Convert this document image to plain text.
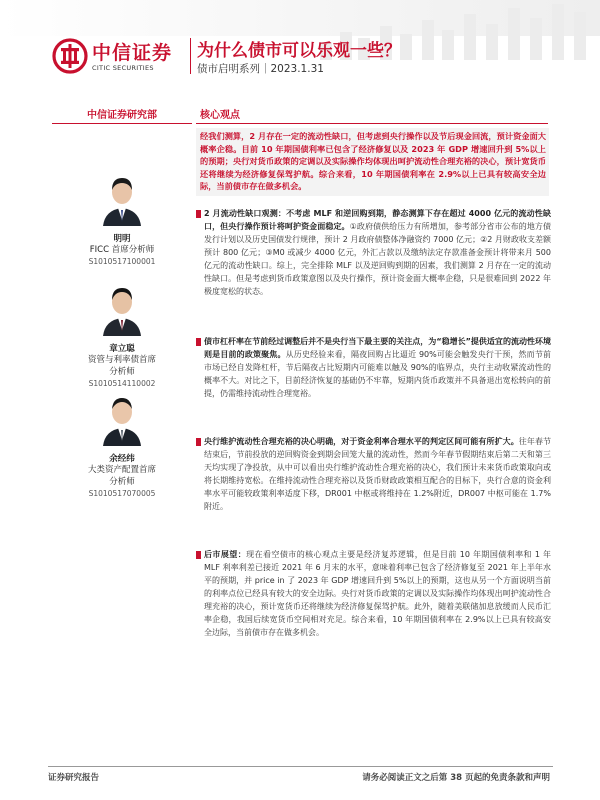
中信证券
CITIC SECURITIES
为什么债市可以乐观一些？
债市启明系列｜2023.1.31
中信证券研究部	核心观点
明明
FICC 首席分析师
S1010517100001
章立聪
资管与利率债首席
分析师
S1010514110002
余经纬
大类资产配置首席
分析师
S1010517070005
经我们测算，2 月存在一定的流动性缺口，但考虑到央行操作以及节后现金回流，预计资金面大概率企稳。目前 10 年期国债利率已包含了经济修复以及 2023 年 GDP 增速回升到 5%以上的预期；央行对货币政策的定调以及实际操作均体现出呵护流动性合理充裕的决心，预计宽货币还将继续为经济修复保驾护航。综合来看，10 年期国债利率在 2.9%以上已具有较高安全边际，当前债市存在做多机会。

2 月流动性缺口观测：不考虑 MLF 和逆回购到期，静态测算下存在超过 4000 亿元的流动性缺口，但央行操作预计将呵护资金面稳定。①政府债供给压力有所增加，参考部分省市公布的地方债发行计划以及历史国债发行规律，预计 2 月政府债整体净融资约 7000 亿元；②2 月财政收支差额预计 800 亿元；③M0 或减少 4000 亿元，外汇占款以及缴纳法定存款准备金预计将带来月 500 亿元的流动性缺口。综上，完全排除 MLF 以及逆回购到期的因素，我们测算 2 月存在一定的流动性缺口。但是考虑到货币政策意图以及央行操作，预计资金面大概率企稳，只是很难回到 2022 年极度宽松的状态。

债市杠杆率在节前经过调整后并不是央行当下最主要的关注点，为“稳增长”提供适宜的流动性环境则是目前的政策聚焦。从历史经验来看，隔夜回购占比逼近 90%可能会触发央行干预，然而节前市场已经自发降杠杆，节后隔夜占比短期内可能难以触及 90%的临界点，央行主动收紧流动性的概率不大。对比之下，目前经济恢复的基础仍不牢靠，短期内货币政策并不具备退出宽松转向的前提，仍需维持流动性合理宽裕。

央行维护流动性合理充裕的决心明确，对于资金利率合理水平的判定区间可能有所扩大。往年春节结束后，节前投放的逆回购资金到期会回笼大量的流动性，然而今年春节假期结束后第二天和第三天均实现了净投放，从中可以看出央行维护流动性合理充裕的决心，我们预计未来货币政策取向或将长期维持宽松。在维持流动性合理充裕以及货币财政政策相互配合的目标下，央行合意的资金利率水平可能较政策利率适度下移，DR001 中枢或将维持在 1.2%附近，DR007 中枢可能在 1.7%附近。

后市展望：现在看空债市的核心观点主要是经济复苏逻辑，但是目前 10 年期国债利率和 1 年 MLF 利率利差已接近 2021 年 6 月末的水平，意味着利率已包含了经济修复至 2021 年上半年水平的预期，并 price in 了 2023 年 GDP 增速回升到 5%以上的预期，这也从另一个方面说明当前的利率点位已经具有较大的安全边际。央行对货币政策的定调以及实际操作均体现出呵护流动性合理充裕的决心，预计宽货币还将继续为经济修复保驾护航。此外，随着美联储加息放缓而人民币汇率企稳，我国后续宽货币空间相对充足。综合来看，10 年期国债利率在 2.9%以上已具有较高安全边际，当前债市存在做多机会。

证券研究报告	请务必阅读正文之后第 38 页起的免责条款和声明
